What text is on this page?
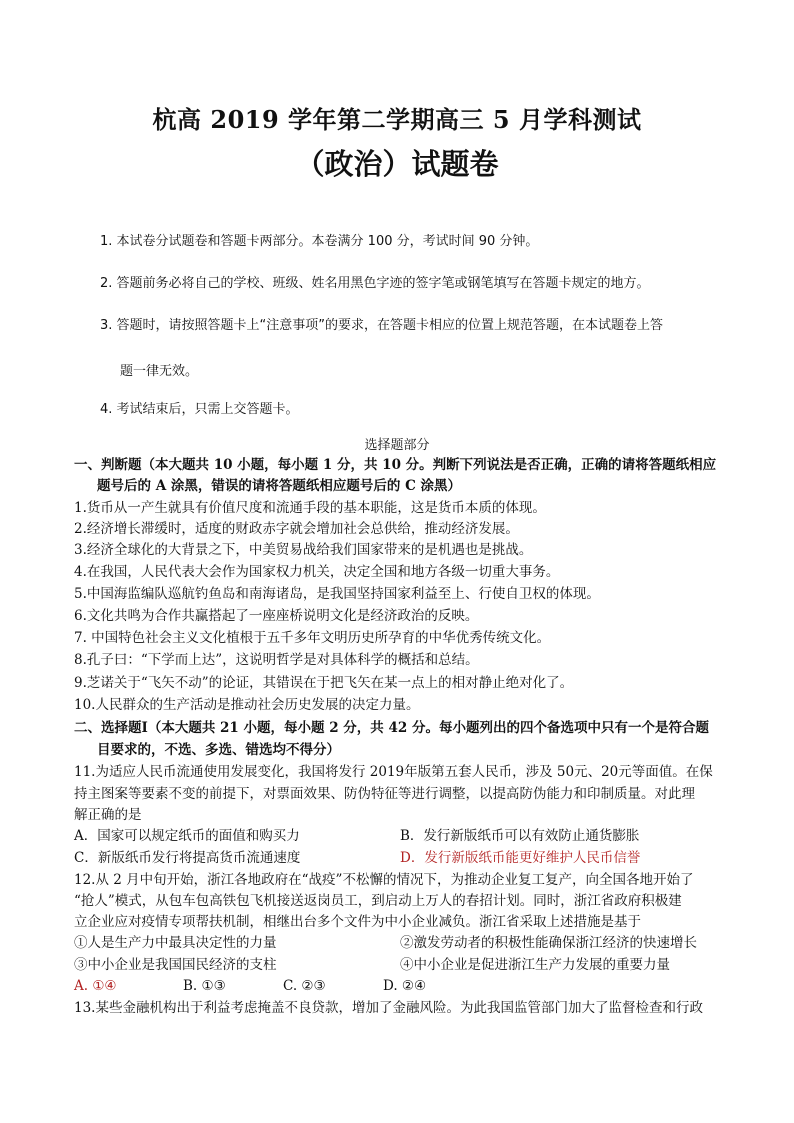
杭高 2019 学年第二学期高三 5 月学科测试
（政治）试题卷
1. 本试卷分试题卷和答题卡两部分。本卷满分 100 分，考试时间 90 分钟。
2. 答题前务必将自己的学校、班级、姓名用黑色字迹的签字笔或钢笔填写在答题卡规定的地方。
3. 答题时，请按照答题卡上“注意事项”的要求，在答题卡相应的位置上规范答题，在本试题卷上答
题一律无效。
4. 考试结束后，只需上交答题卡。
选择题部分
一、判断题（本大题共 10 小题，每小题 1 分，共 10 分。判断下列说法是否正确，正确的请将答题纸相应
题号后的 A 涂黑，错误的请将答题纸相应题号后的 C 涂黑）
1.货币从一产生就具有价值尺度和流通手段的基本职能，这是货币本质的体现。
2.经济增长滞缓时，适度的财政赤字就会增加社会总供给，推动经济发展。
3.经济全球化的大背景之下，中美贸易战给我们国家带来的是机遇也是挑战。
4.在我国，人民代表大会作为国家权力机关，决定全国和地方各级一切重大事务。
5.中国海监编队巡航钓鱼岛和南海诸岛，是我国坚持国家利益至上、行使自卫权的体现。
6.文化共鸣为合作共赢搭起了一座座桥说明文化是经济政治的反映。
7. 中国特色社会主义文化植根于五千多年文明历史所孕育的中华优秀传统文化。
8.孔子曰：“下学而上达”，这说明哲学是对具体科学的概括和总结。
9.芝诺关于“飞矢不动”的论证，其错误在于把飞矢在某一点上的相对静止绝对化了。
10.人民群众的生产活动是推动社会历史发展的决定力量。
二、选择题Ⅰ（本大题共 21 小题，每小题 2 分，共 42 分。每小题列出的四个备选项中只有一个是符合题
目要求的，不选、多选、错选均不得分）
11.为适应人民币流通使用发展变化，我国将发行 2019年版第五套人民币，涉及 50元、20元等面值。在保
持主图案等要素不变的前提下，对票面效果、防伪特征等进行调整，以提高防伪能力和印制质量。对此理
解正确的是
A．国家可以规定纸币的面值和购买力	B．发行新版纸币可以有效防止通货膨胀
C．新版纸币发行将提高货币流通速度	D．发行新版纸币能更好维护人民币信誉
12.从 2 月中旬开始，浙江各地政府在“战疫”不松懈的情况下，为推动企业复工复产，向全国各地开始了
“抢人”模式，从包车包高铁包飞机接送返岗员工，到启动上万人的春招计划。同时，浙江省政府积极建
立企业应对疫情专项帮扶机制，相继出台多个文件为中小企业减负。浙江省采取上述措施是基于
①人是生产力中最具决定性的力量	②激发劳动者的积极性能确保浙江经济的快速增长
③中小企业是我国国民经济的支柱	④中小企业是促进浙江生产力发展的重要力量
A. ①④	B. ①③	C. ②③	D. ②④
13.某些金融机构出于利益考虑掩盖不良贷款，增加了金融风险。为此我国监管部门加大了监督检查和行政
